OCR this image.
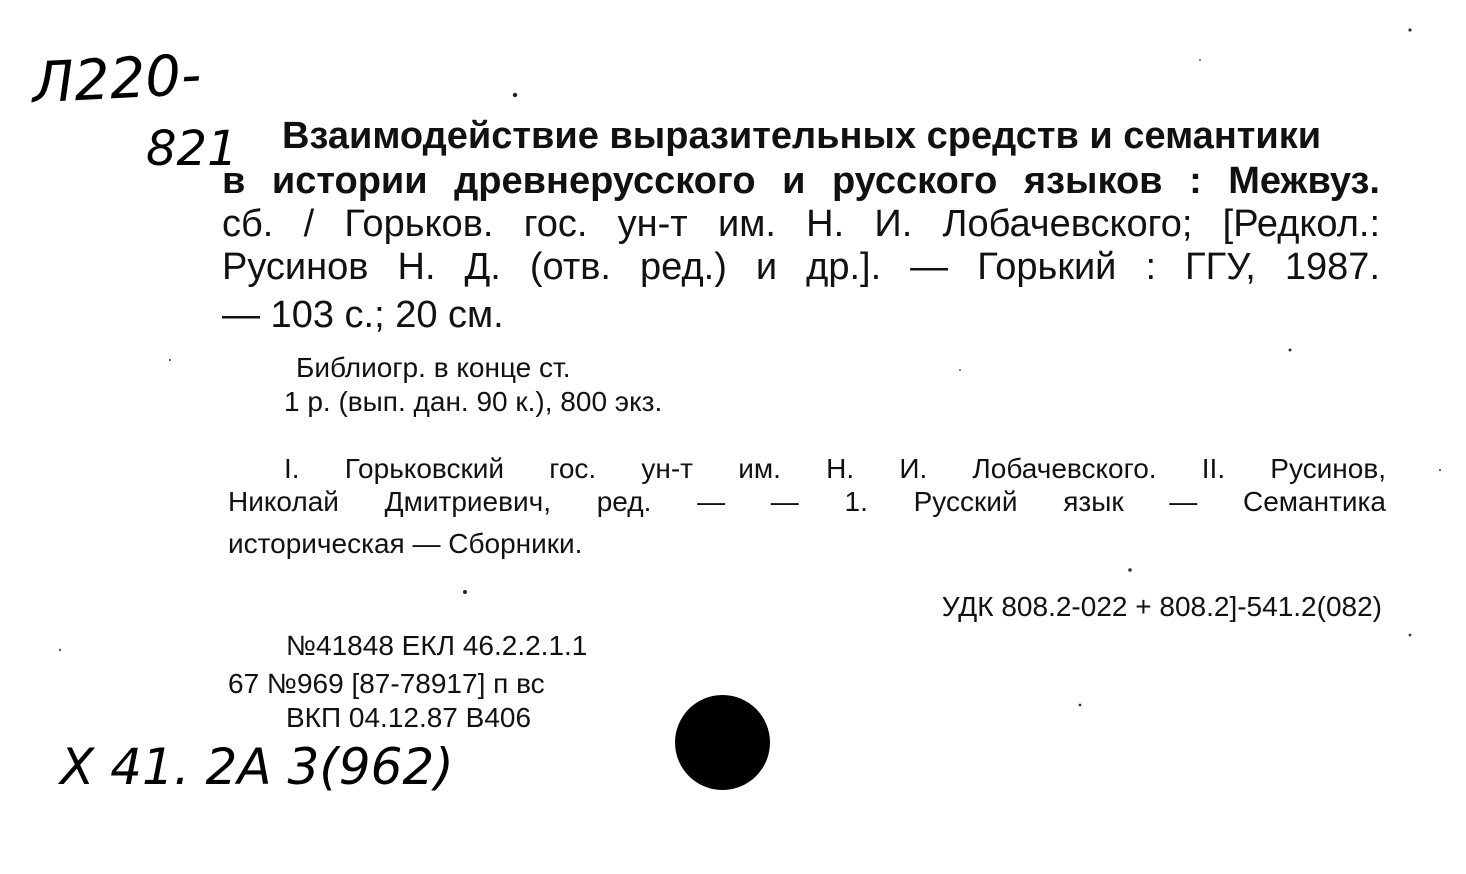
Л220-
821 Взаимодействие выразительных средств и семантики
в истории древнерусского и русского языков : Межвуз.
сб. / Горьков. гос. ун-т им. Н. И. Лобачевского; [Редкол.:
Русинов Н. Д. (отв. ред.) и др.]. — Горький : ГГУ, 1987.
— 103 с.; 20 см.
Библиогр. в конце ст.
1 р. (вып. дан. 90 к.), 800 экз.
I. Горьковский гос. ун-т им. Н. И. Лобачевского. II. Русинов,
Николай Дмитриевич, ред. — — 1. Русский язык — Семантика
историческая — Сборники.
УДК 808.2-022 + 808.2]-541.2(082)
№41848 ЕКЛ 46.2.2.1.1
67 №969 [87-78917] п вс
ВКП 04.12.87 В406
Х 41. 2А 3(962)
